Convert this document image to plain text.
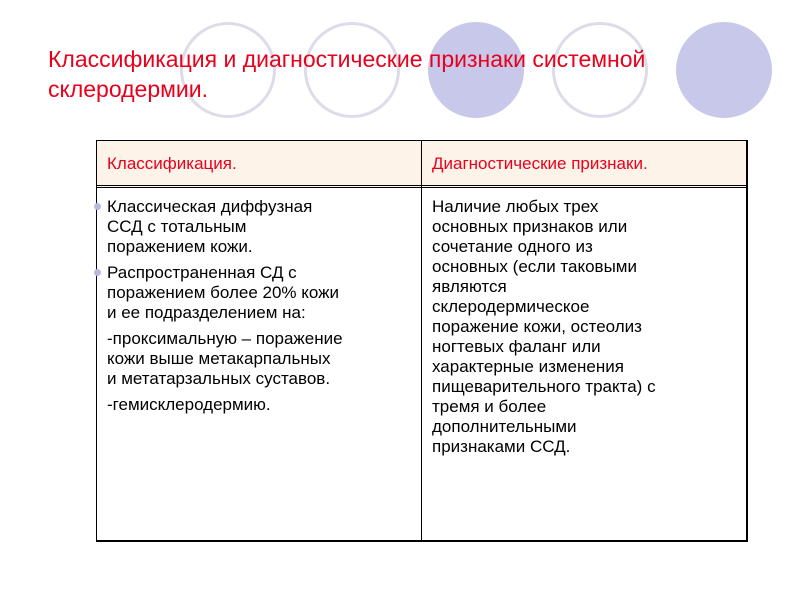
Классификация и диагностические признаки системной
склеродермии.
Классификация.	Диагностические признаки.
Классическая диффузная
ССД с тотальным
поражением кожи.
Распространенная СД с
поражением более 20% кожи
и ее подразделением на:
-проксимальную – поражение
кожи выше метакарпальных
и метатарзальных суставов.
-гемисклеродермию.
Наличие любых трех
основных признаков или
сочетание одного из
основных (если таковыми
являются
склеродермическое
поражение кожи, остеолиз
ногтевых фаланг или
характерные изменения
пищеварительного тракта) с
тремя и более
дополнительными
признаками ССД.
